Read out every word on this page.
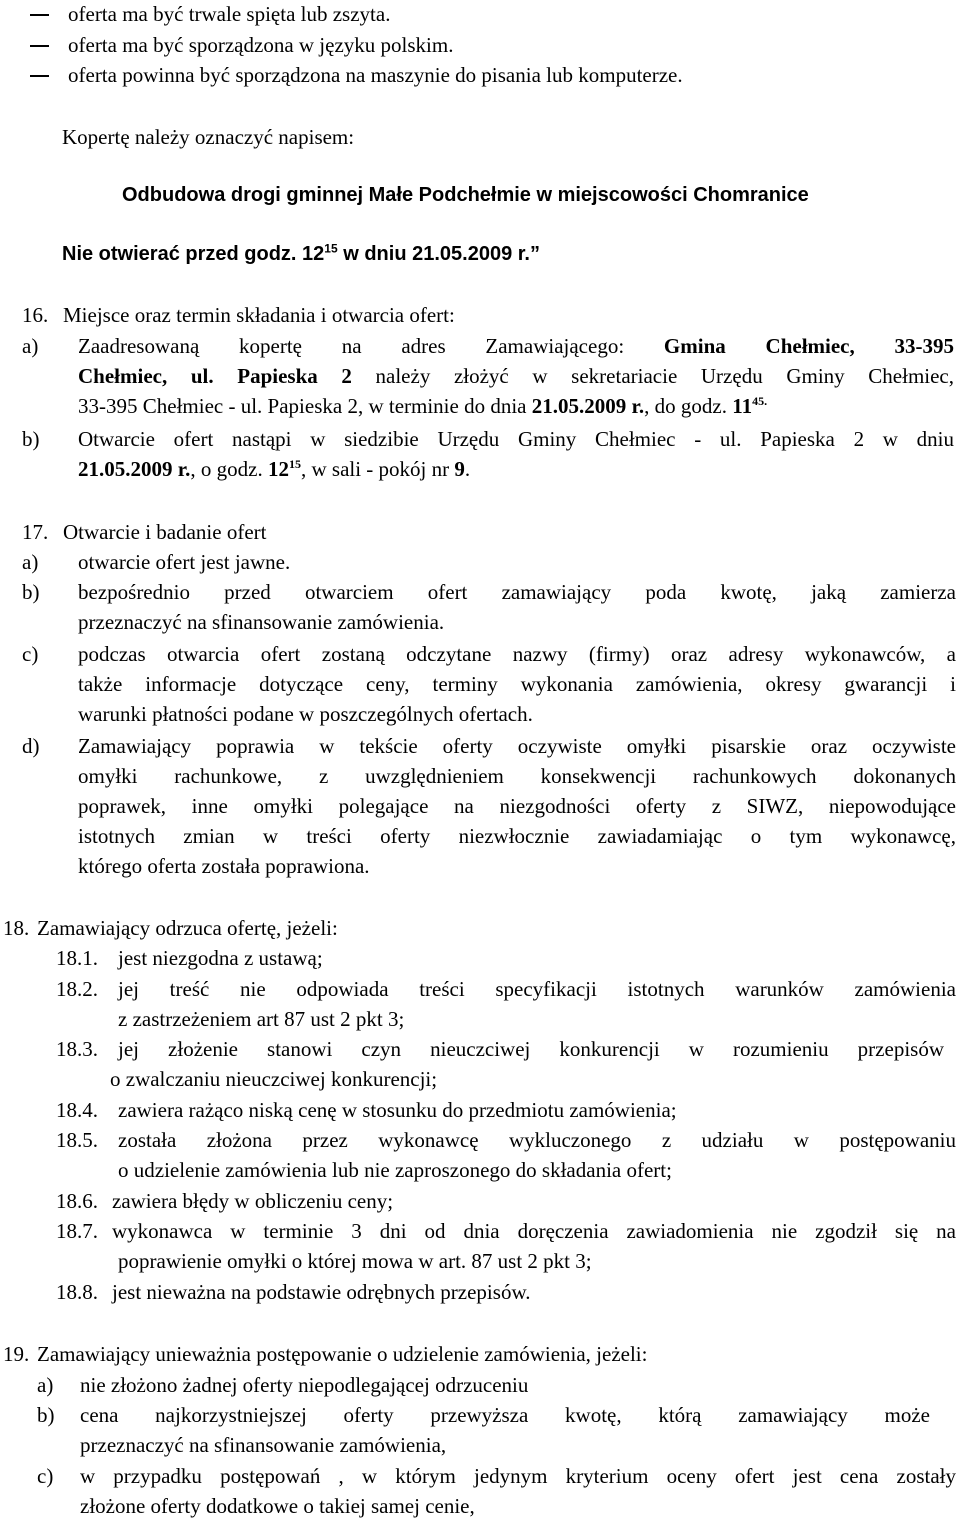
oferta ma być trwale spięta lub zszyta.
oferta ma być sporządzona w języku polskim.
oferta powinna być sporządzona na maszynie do pisania lub komputerze.
Kopertę należy oznaczyć napisem:
Odbudowa drogi gminnej Małe Podchełmie w miejscowości Chomranice
Nie otwierać przed godz. $12^{15}$ w dniu 21.05.2009 r.”
16. Miejsce oraz termin składania i otwarcia ofert:
a) Zaadresowaną kopertę na adres Zamawiającego: Gmina Chełmiec, 33-395
Chełmiec, ul. Papieska 2 należy złożyć w sekretariacie Urzędu Gminy Chełmiec,
33-395 Chełmiec - ul. Papieska 2, w terminie do dnia 21.05.2009 r., do godz. $11^{45.}$
b) Otwarcie ofert nastąpi w siedzibie Urzędu Gminy Chełmiec - ul. Papieska 2 w dniu
21.05.2009 r., o godz. $12^{15}$, w sali - pokój nr 9.
17. Otwarcie i badanie ofert
a) otwarcie ofert jest jawne.
b) bezpośrednio przed otwarciem ofert zamawiający poda kwotę, jaką zamierza
przeznaczyć na sfinansowanie zamówienia.
c) podczas otwarcia ofert zostaną odczytane nazwy (firmy) oraz adresy wykonawców, a
także informacje dotyczące ceny, terminy wykonania zamówienia, okresy gwarancji i
warunki płatności podane w poszczególnych ofertach.
d) Zamawiający poprawia w tekście oferty oczywiste omyłki pisarskie oraz oczywiste
omyłki rachunkowe, z uwzględnieniem konsekwencji rachunkowych dokonanych
poprawek, inne omyłki polegające na niezgodności oferty z SIWZ, niepowodujące
istotnych zmian w treści oferty niezwłocznie zawiadamiając o tym wykonawcę,
którego oferta została poprawiona.
18. Zamawiający odrzuca ofertę, jeżeli:
18.1. jest niezgodna z ustawą;
18.2. jej treść nie odpowiada treści specyfikacji istotnych warunków zamówienia
z zastrzeżeniem art 87 ust 2 pkt 3;
18.3. jej złożenie stanowi czyn nieuczciwej konkurencji w rozumieniu przepisów
o zwalczaniu nieuczciwej konkurencji;
18.4. zawiera rażąco niską cenę w stosunku do przedmiotu zamówienia;
18.5. została złożona przez wykonawcę wykluczonego z udziału w postępowaniu
o udzielenie zamówienia lub nie zaproszonego do składania ofert;
18.6. zawiera błędy w obliczeniu ceny;
18.7. wykonawca w terminie 3 dni od dnia doręczenia zawiadomienia nie zgodził się na
poprawienie omyłki o której mowa w art. 87 ust 2 pkt 3;
18.8. jest nieważna na podstawie odrębnych przepisów.
19. Zamawiający unieważnia postępowanie o udzielenie zamówienia, jeżeli:
a) nie złożono żadnej oferty niepodlegającej odrzuceniu
b) cena najkorzystniejszej oferty przewyższa kwotę, którą zamawiający może
przeznaczyć na sfinansowanie zamówienia,
c) w przypadku postępowań , w którym jedynym kryterium oceny ofert jest cena zostały
złożone oferty dodatkowe o takiej samej cenie,
